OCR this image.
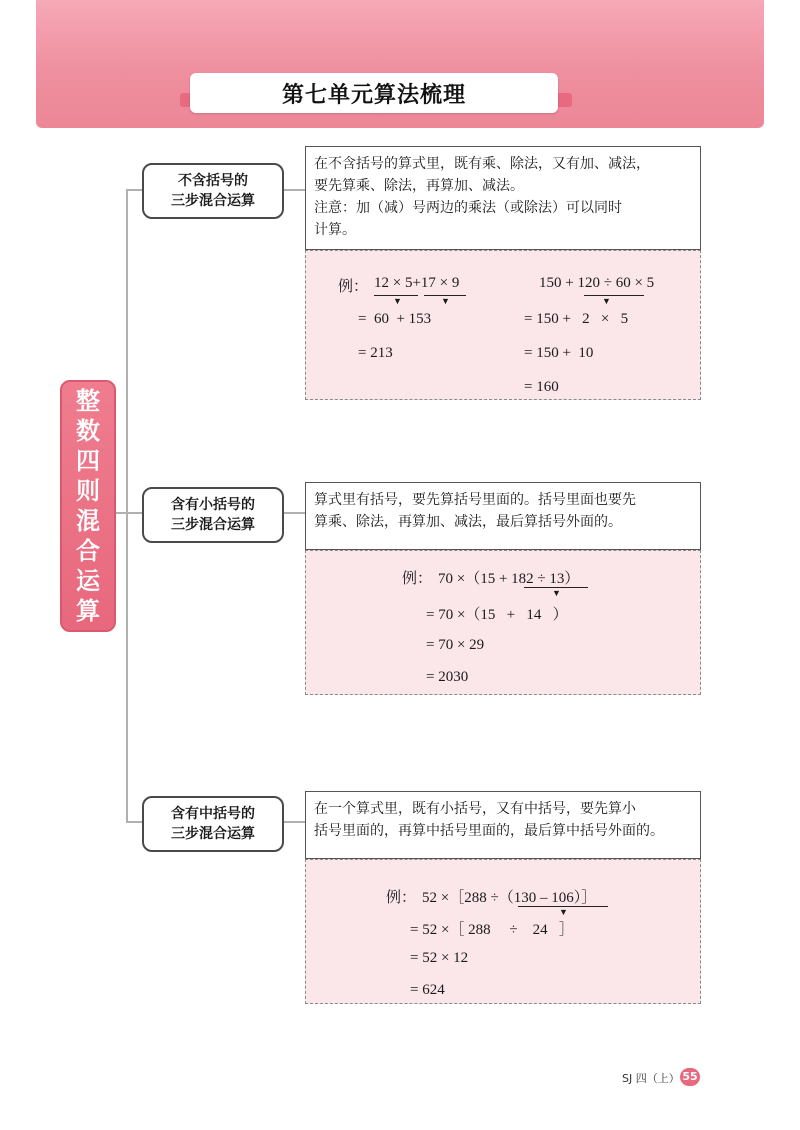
第七单元算法梳理
整
数
四
则
混
合
运
算
不含括号的
三步混合运算
在不含括号的算式里，既有乘、除法，又有加、减法，
要先算乘、除法，再算加、减法。
注意：加（减）号两边的乘法（或除法）可以同时
计算。
例： 12 × 5+17 × 9
▼	▼
=  60  + 153
= 213
150 + 120 ÷ 60 × 5
▼
= 150 +   2   ×   5
= 150 +  10
= 160
含有小括号的
三步混合运算
算式里有括号，要先算括号里面的。括号里面也要先
算乘、除法，再算加、减法，最后算括号外面的。
例： 70 ×（15 + 182 ÷ 13）
▼
= 70 ×（15   +   14   ）
= 70 × 29
= 2030
含有中括号的
三步混合运算
在一个算式里，既有小括号，又有中括号，要先算小
括号里面的，再算中括号里面的，最后算中括号外面的。
例： 52 ×［288 ÷（130 – 106）］
▼
= 52 ×［ 288     ÷    24   ］
= 52 × 12
= 624
SJ 四（上） 55
